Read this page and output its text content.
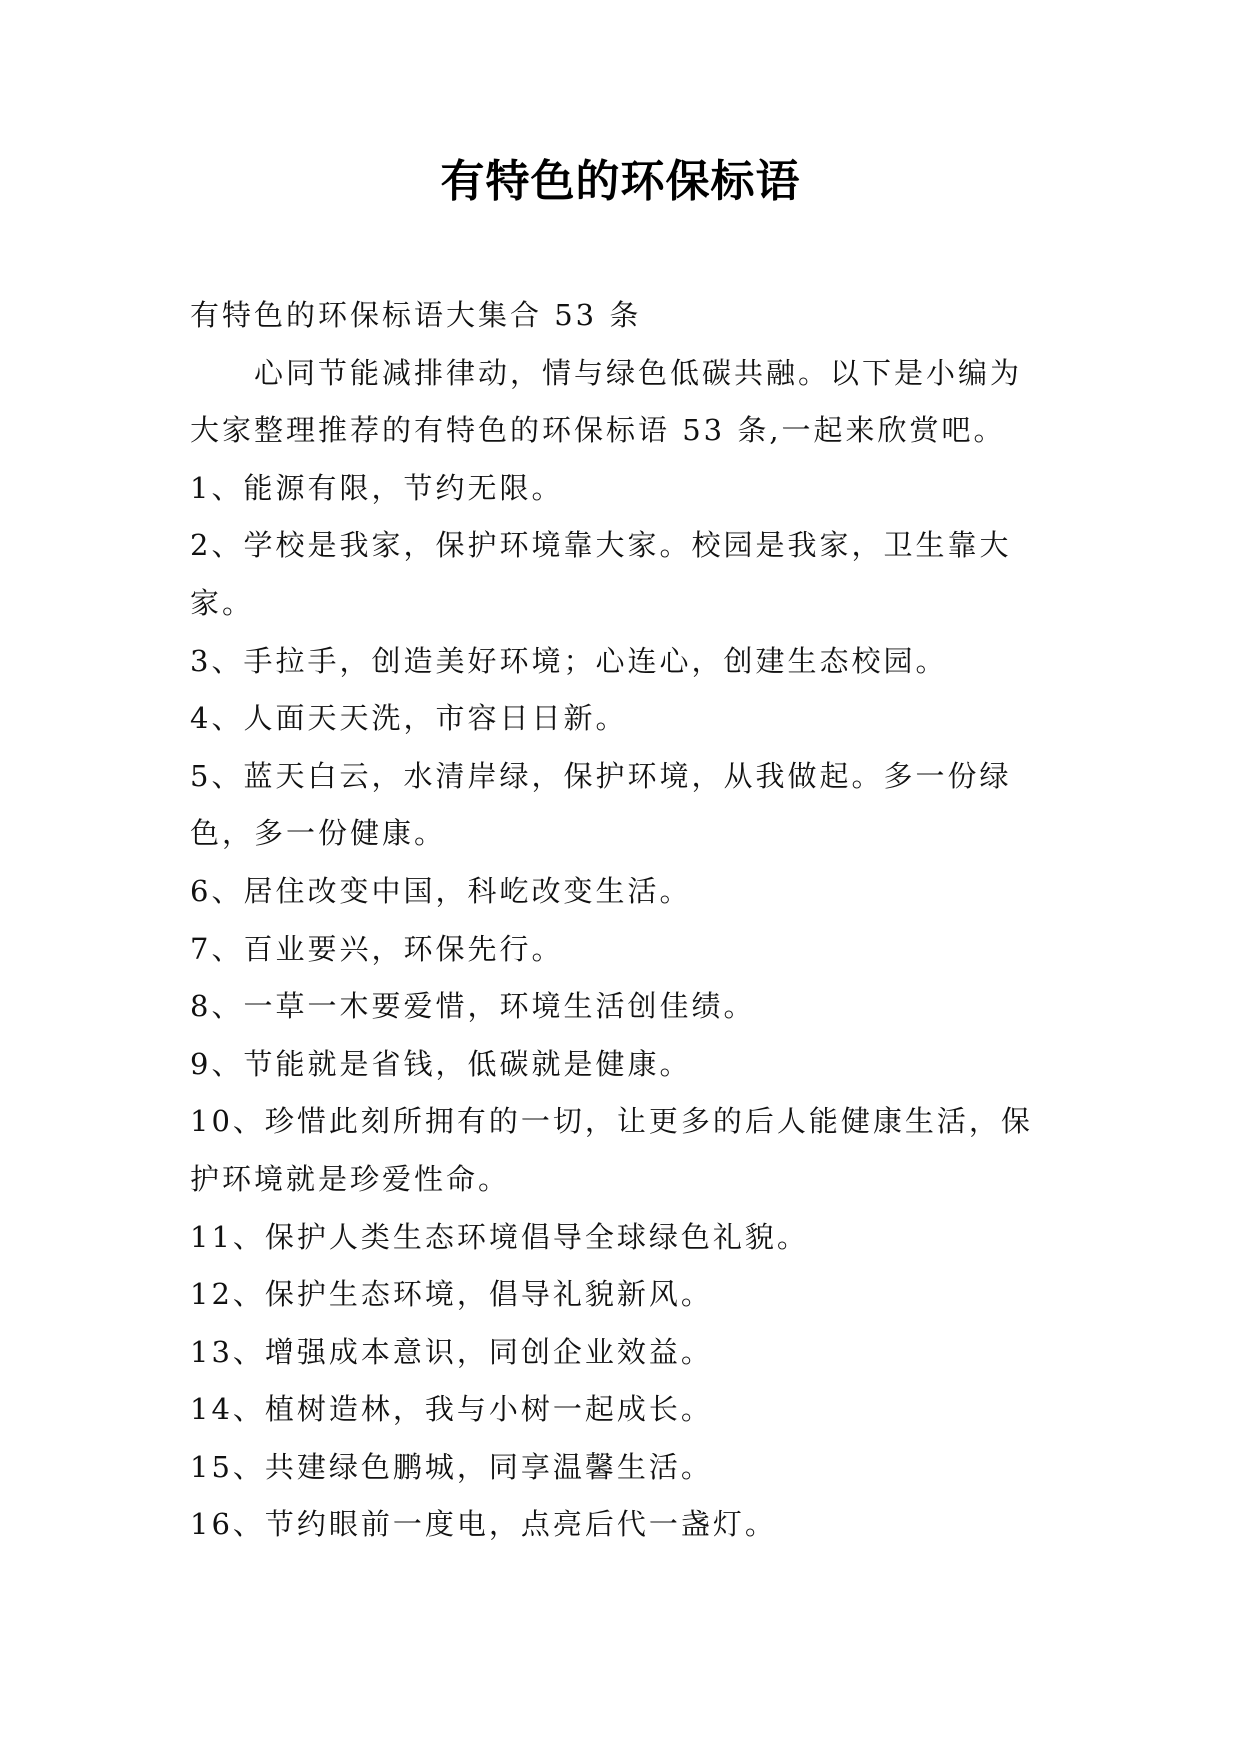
有特色的环保标语
有特色的环保标语大集合 53 条
心同节能减排律动，情与绿色低碳共融。以下是小编为大家整理推荐的有特色的环保标语 53 条,一起来欣赏吧。
1、能源有限，节约无限。
2、学校是我家，保护环境靠大家。校园是我家，卫生靠大家。
3、手拉手，创造美好环境；心连心，创建生态校园。
4、人面天天洗，市容日日新。
5、蓝天白云，水清岸绿，保护环境，从我做起。多一份绿色，多一份健康。
6、居住改变中国，科屹改变生活。
7、百业要兴，环保先行。
8、一草一木要爱惜，环境生活创佳绩。
9、节能就是省钱，低碳就是健康。
10、珍惜此刻所拥有的一切，让更多的后人能健康生活，保护环境就是珍爱性命。
11、保护人类生态环境倡导全球绿色礼貌。
12、保护生态环境，倡导礼貌新风。
13、增强成本意识，同创企业效益。
14、植树造林，我与小树一起成长。
15、共建绿色鹏城，同享温馨生活。
16、节约眼前一度电，点亮后代一盏灯。
